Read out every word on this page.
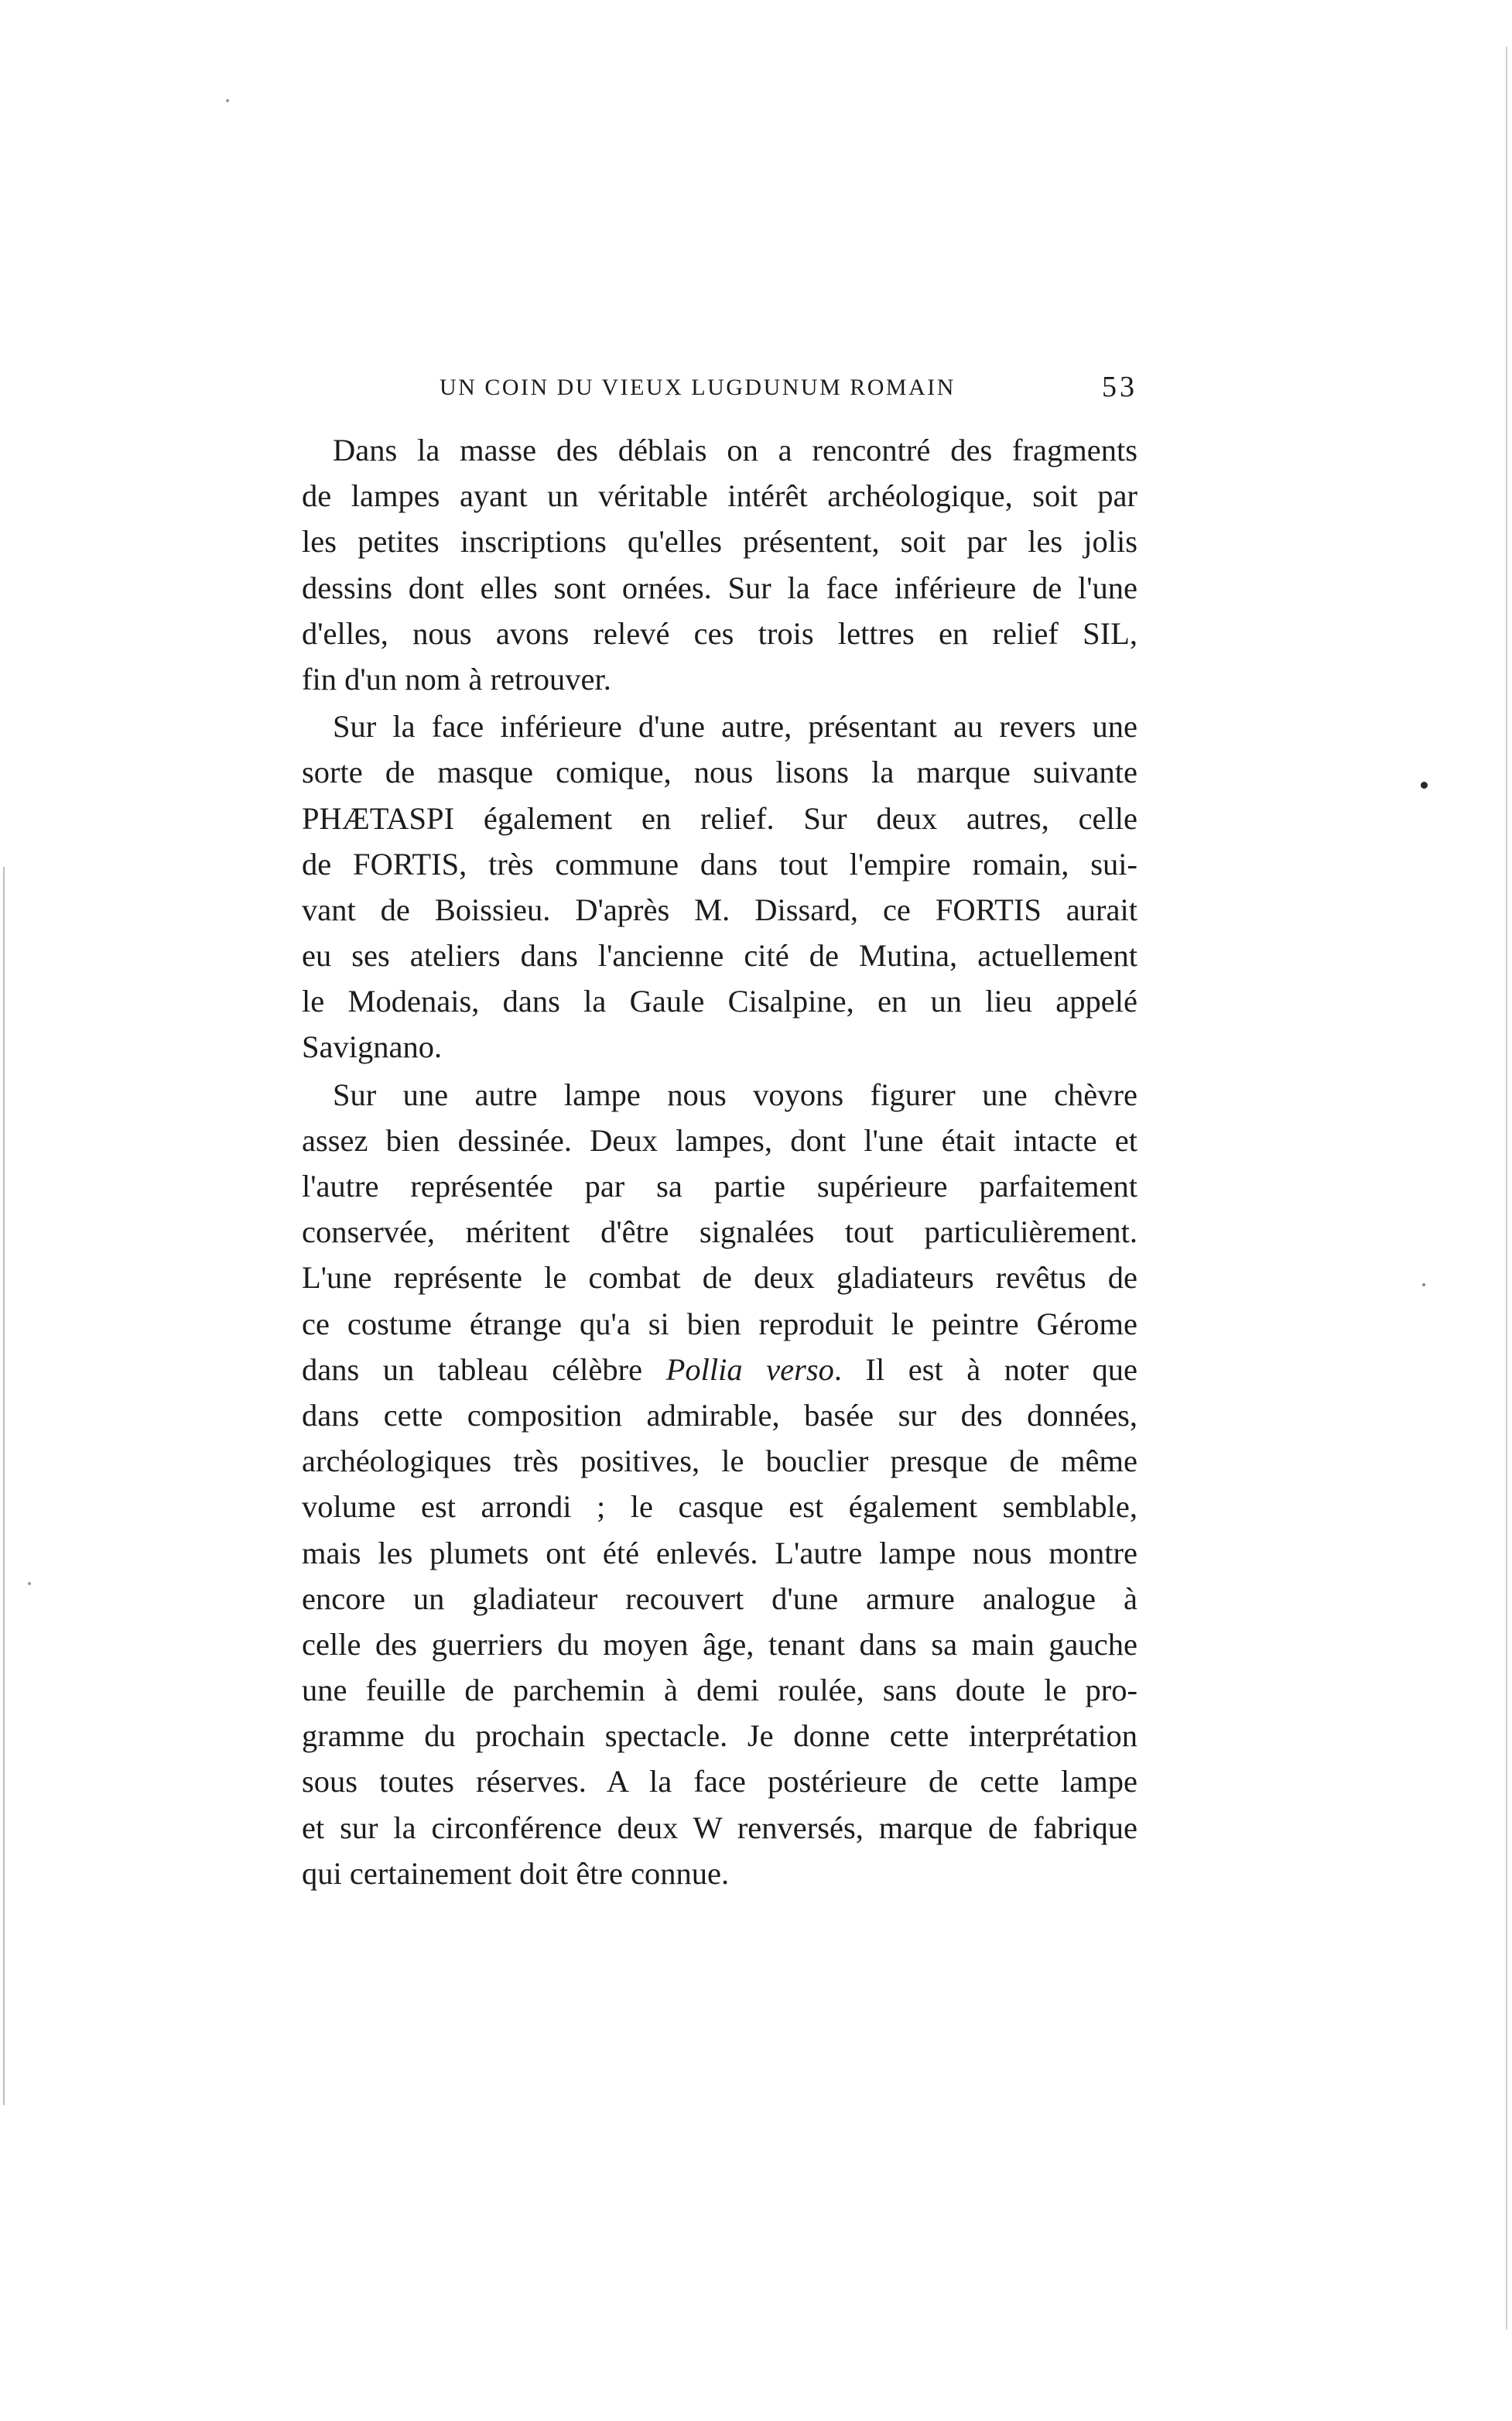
UN COIN DU VIEUX LUGDUNUM ROMAIN	53

Dans la masse des déblais on a rencontré des fragments
de lampes ayant un véritable intérêt archéologique, soit par
les petites inscriptions qu'elles présentent, soit par les jolis
dessins dont elles sont ornées. Sur la face inférieure de l'une
d'elles, nous avons relevé ces trois lettres en relief SIL,
fin d'un nom à retrouver.

Sur la face inférieure d'une autre, présentant au revers une
sorte de masque comique, nous lisons la marque suivante
PHÆTASPI également en relief. Sur deux autres, celle
de FORTIS, très commune dans tout l'empire romain, sui-
vant de Boissieu. D'après M. Dissard, ce FORTIS aurait
eu ses ateliers dans l'ancienne cité de Mutina, actuellement
le Modenais, dans la Gaule Cisalpine, en un lieu appelé
Savignano.

Sur une autre lampe nous voyons figurer une chèvre
assez bien dessinée. Deux lampes, dont l'une était intacte et
l'autre représentée par sa partie supérieure parfaitement
conservée, méritent d'être signalées tout particulièrement.
L'une représente le combat de deux gladiateurs revêtus de
ce costume étrange qu'a si bien reproduit le peintre Gérome
dans un tableau célèbre Pollia verso. Il est à noter que
dans cette composition admirable, basée sur des données,
archéologiques très positives, le bouclier presque de même
volume est arrondi ; le casque est également semblable,
mais les plumets ont été enlevés. L'autre lampe nous montre
encore un gladiateur recouvert d'une armure analogue à
celle des guerriers du moyen âge, tenant dans sa main gauche
une feuille de parchemin à demi roulée, sans doute le pro-
gramme du prochain spectacle. Je donne cette interprétation
sous toutes réserves. A la face postérieure de cette lampe
et sur la circonférence deux W renversés, marque de fabrique
qui certainement doit être connue.
